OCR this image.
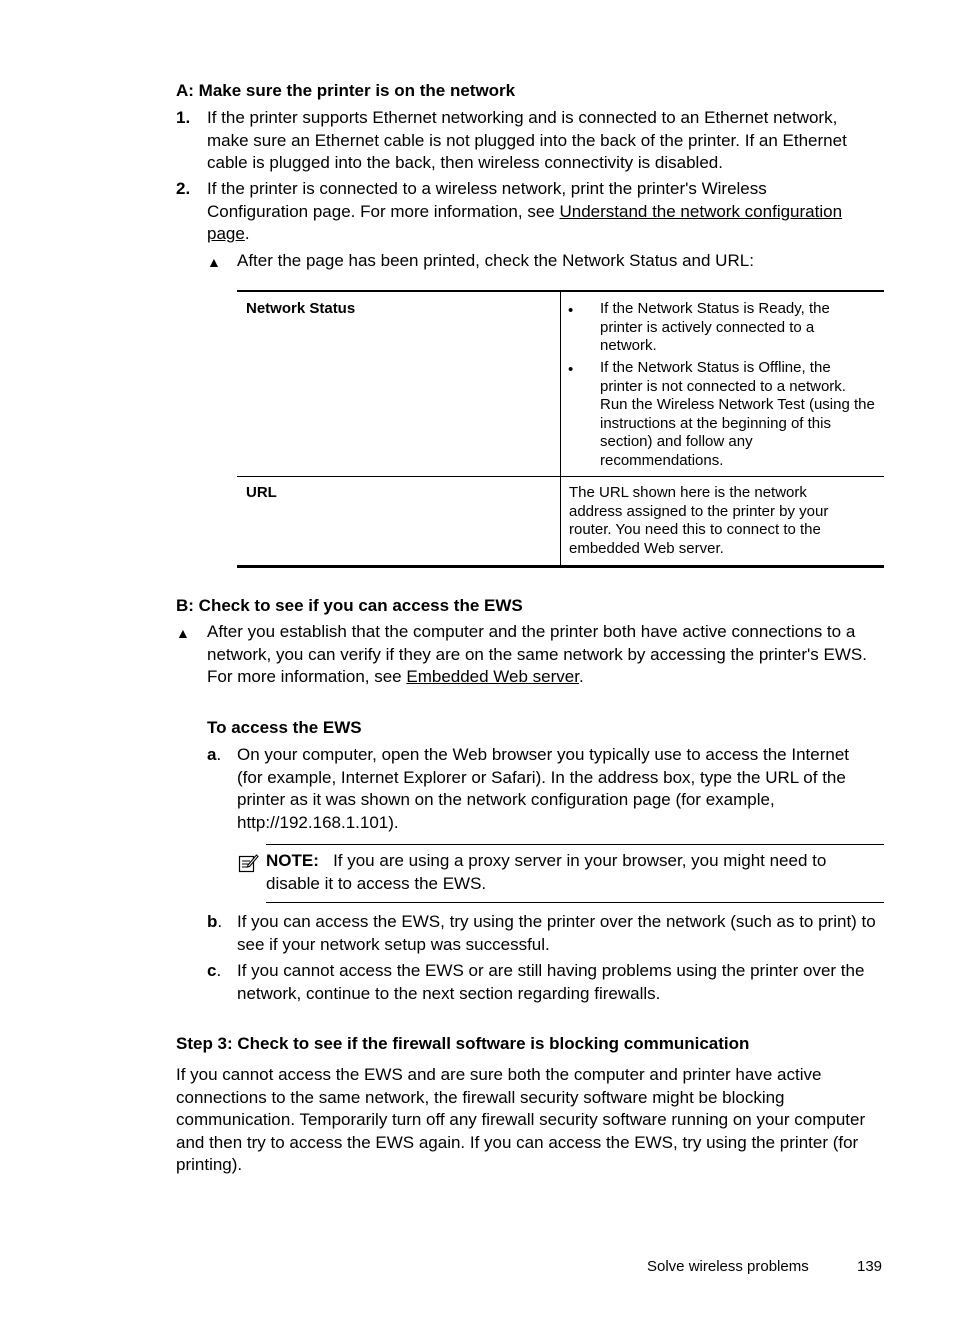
A: Make sure the printer is on the network
1. If the printer supports Ethernet networking and is connected to an Ethernet network, make sure an Ethernet cable is not plugged into the back of the printer. If an Ethernet cable is plugged into the back, then wireless connectivity is disabled.
2. If the printer is connected to a wireless network, print the printer's Wireless Configuration page. For more information, see Understand the network configuration page.
▲ After the page has been printed, check the Network Status and URL:
Network Status	• If the Network Status is Ready, the printer is actively connected to a network.
• If the Network Status is Offline, the printer is not connected to a network. Run the Wireless Network Test (using the instructions at the beginning of this section) and follow any recommendations.
URL	The URL shown here is the network address assigned to the printer by your router. You need this to connect to the embedded Web server.
B: Check to see if you can access the EWS
▲ After you establish that the computer and the printer both have active connections to a network, you can verify if they are on the same network by accessing the printer's EWS. For more information, see Embedded Web server.
To access the EWS
a. On your computer, open the Web browser you typically use to access the Internet (for example, Internet Explorer or Safari). In the address box, type the URL of the printer as it was shown on the network configuration page (for example, http://192.168.1.101).
NOTE: If you are using a proxy server in your browser, you might need to disable it to access the EWS.
b. If you can access the EWS, try using the printer over the network (such as to print) to see if your network setup was successful.
c. If you cannot access the EWS or are still having problems using the printer over the network, continue to the next section regarding firewalls.
Step 3: Check to see if the firewall software is blocking communication
If you cannot access the EWS and are sure both the computer and printer have active connections to the same network, the firewall security software might be blocking communication. Temporarily turn off any firewall security software running on your computer and then try to access the EWS again. If you can access the EWS, try using the printer (for printing).
Solve wireless problems	139
